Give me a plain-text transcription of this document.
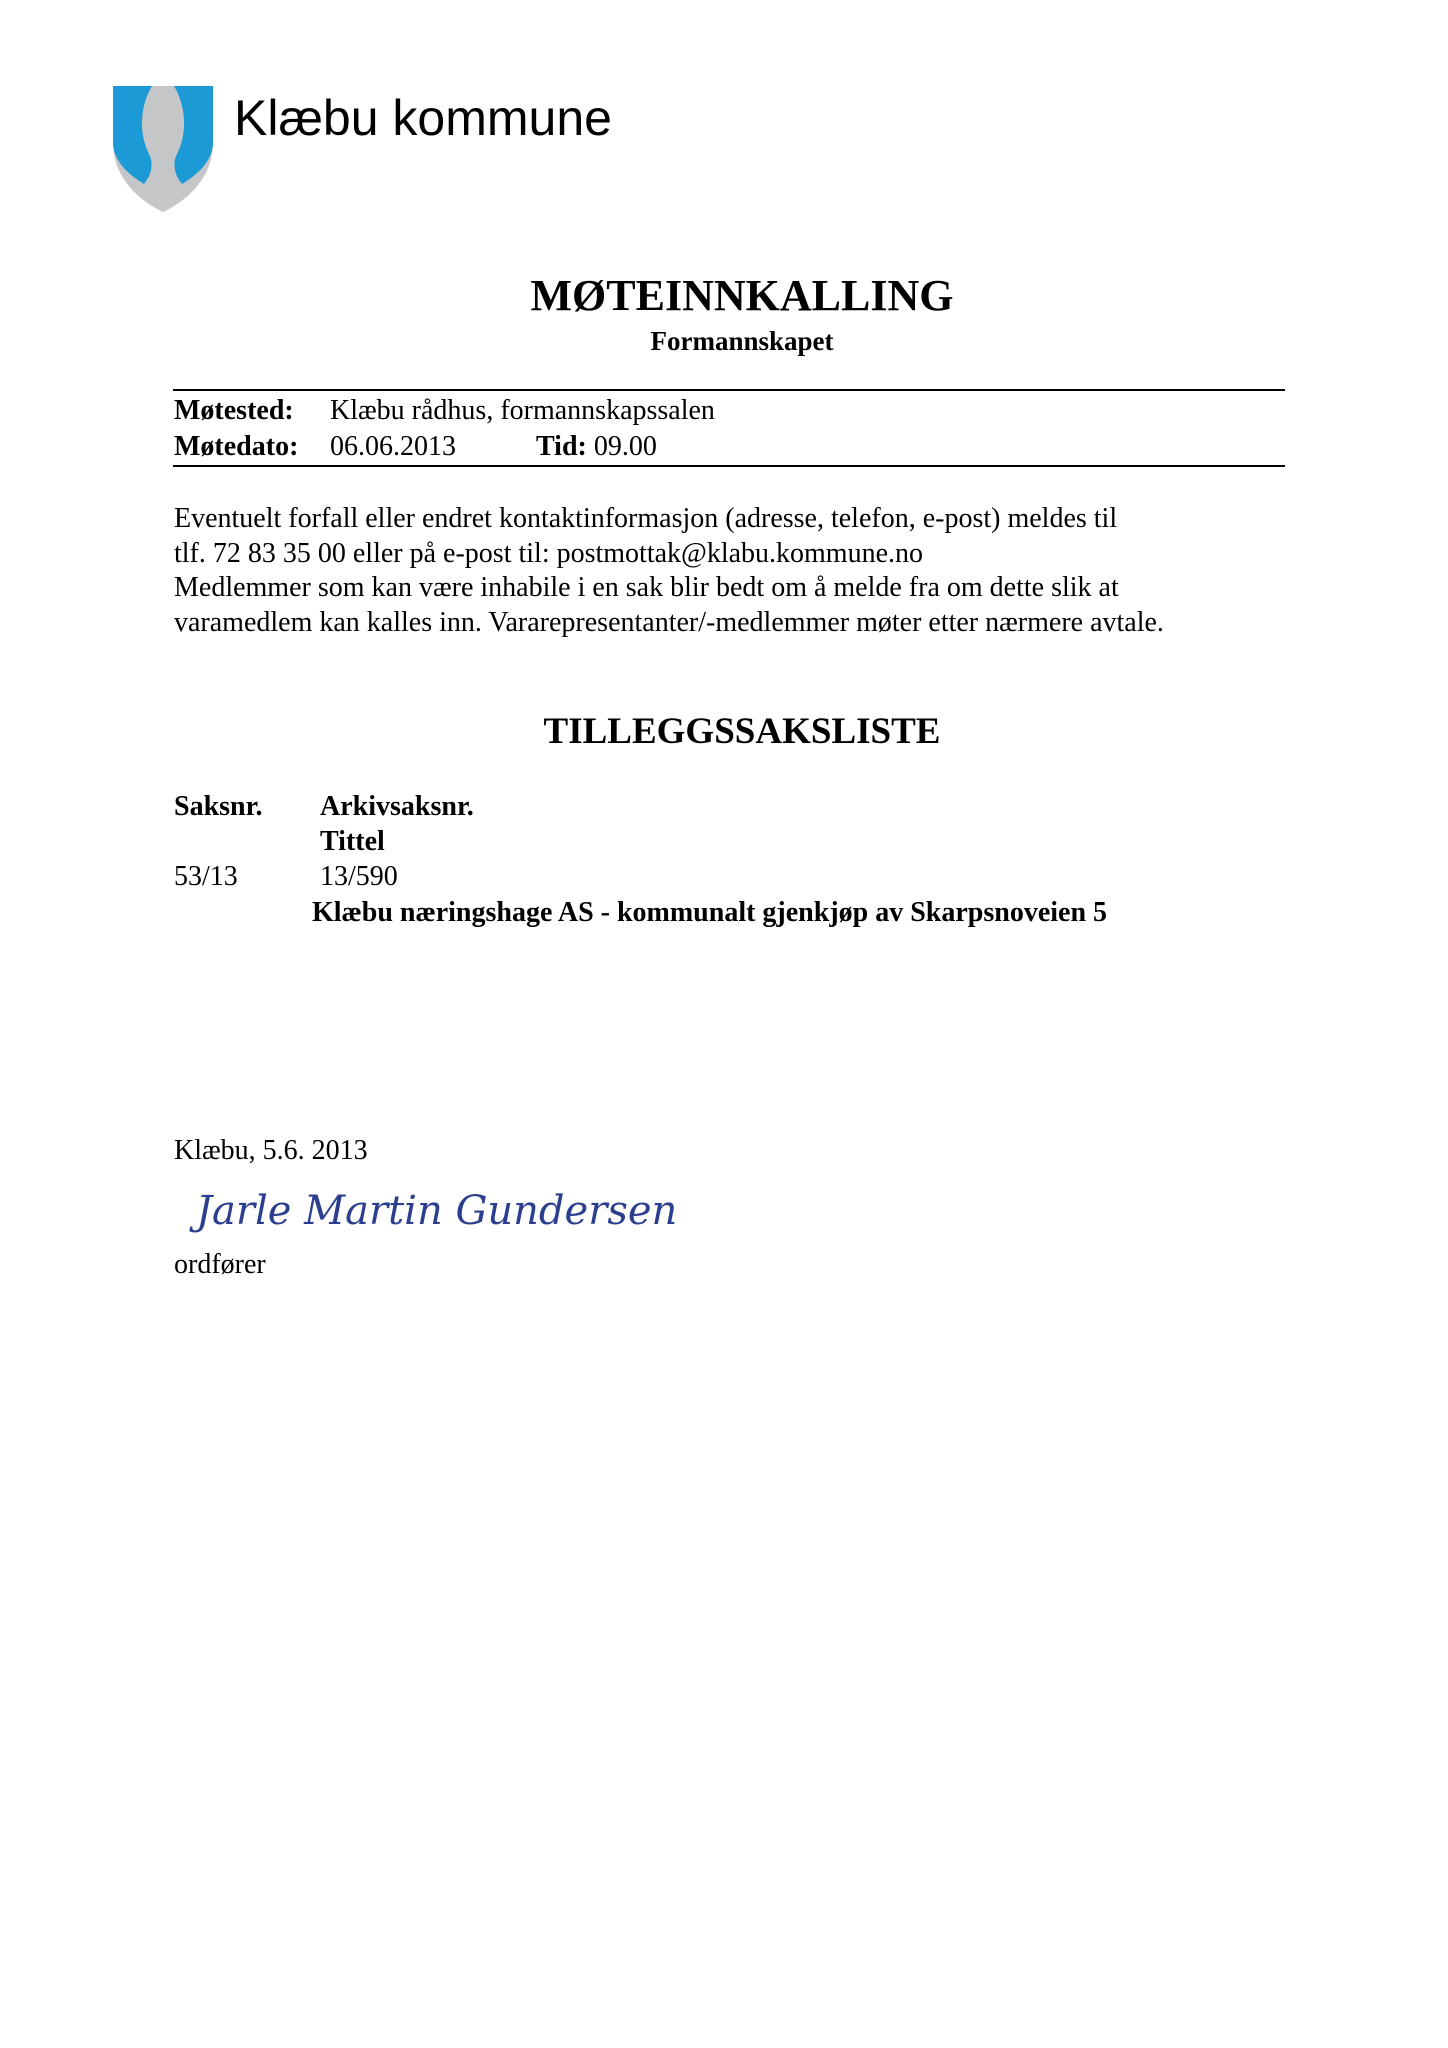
Klæbu kommune
MØTEINNKALLING
Formannskapet
Møtested: Klæbu rådhus, formannskapssalen
Møtedato: 06.06.2013	Tid: 09.00
Eventuelt forfall eller endret kontaktinformasjon (adresse, telefon, e-post) meldes til
tlf. 72 83 35 00 eller på e-post til: postmottak@klabu.kommune.no
Medlemmer som kan være inhabile i en sak blir bedt om å melde fra om dette slik at
varamedlem kan kalles inn. Vararepresentanter/-medlemmer møter etter nærmere avtale.
TILLEGGSSAKSLISTE
Saksnr. Arkivsaksnr.
Tittel
53/13	13/590
Klæbu næringshage AS - kommunalt gjenkjøp av Skarpsnoveien 5
Klæbu, 5.6. 2013
Jarle Martin Gundersen
ordfører
